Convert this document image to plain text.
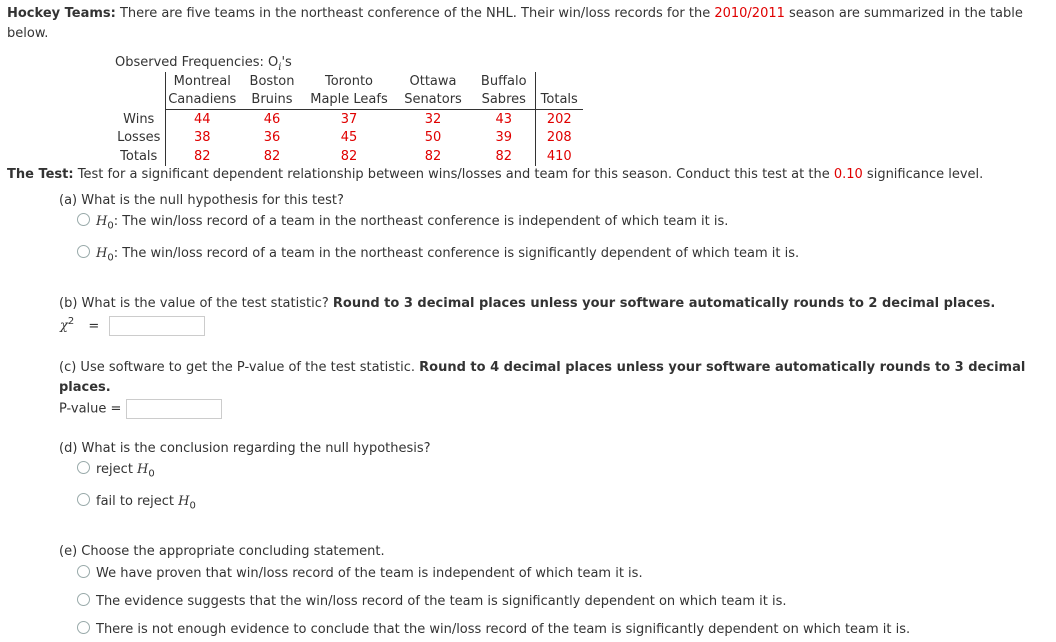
Hockey Teams: There are five teams in the northeast conference of the NHL. Their win/loss records for the 2010/2011 season are summarized in the table below.
Observed Frequencies: $O_i's$
	Montreal	Boston	Toronto	Ottawa	Buffalo	
	Canadiens	Bruins	Maple Leafs	Senators	Sabres	Totals
Wins	44	46	37	32	43	202
Losses	38	36	45	50	39	208
Totals	82	82	82	82	82	410
The Test: Test for a significant dependent relationship between wins/losses and team for this season. Conduct this test at the 0.10 significance level.
(a) What is the null hypothesis for this test?
$H_0$: The win/loss record of a team in the northeast conference is independent of which team it is.
$H_0$: The win/loss record of a team in the northeast conference is significantly dependent of which team it is.
(b) What is the value of the test statistic? Round to 3 decimal places unless your software automatically rounds to 2 decimal places.
$\chi^2$ =
(c) Use software to get the P-value of the test statistic. Round to 4 decimal places unless your software automatically rounds to 3 decimal
places.
P-value =
(d) What is the conclusion regarding the null hypothesis?
reject $H_0$
fail to reject $H_0$
(e) Choose the appropriate concluding statement.
We have proven that win/loss record of the team is independent of which team it is.
The evidence suggests that the win/loss record of the team is significantly dependent on which team it is.
There is not enough evidence to conclude that the win/loss record of the team is significantly dependent on which team it is.
